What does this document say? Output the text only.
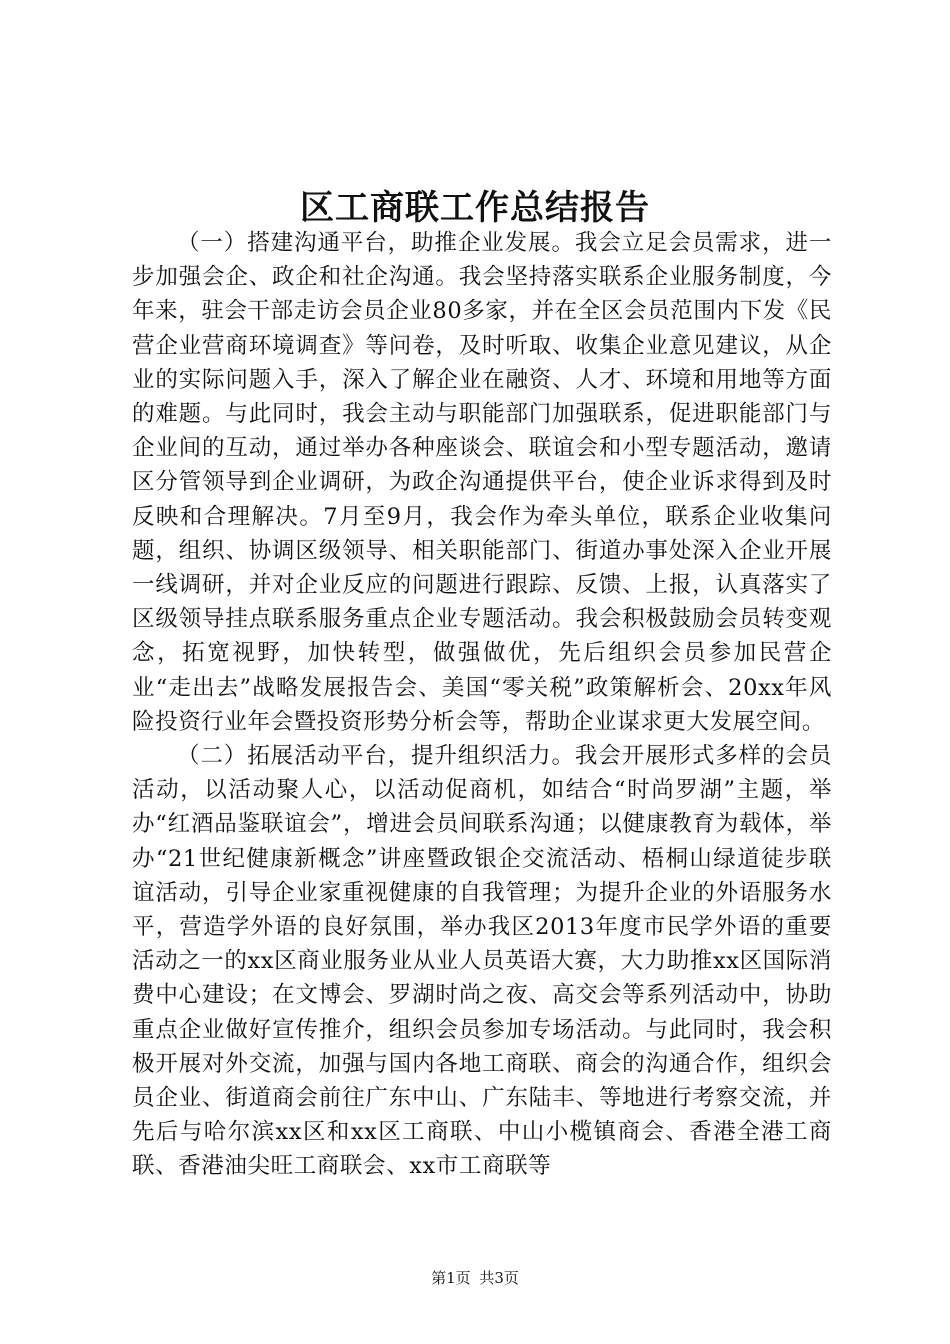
区工商联工作总结报告

（一）搭建沟通平台，助推企业发展。我会立足会员需求，进一步加强会企、政企和社企沟通。我会坚持落实联系企业服务制度，今年来，驻会干部走访会员企业80多家，并在全区会员范围内下发《民营企业营商环境调查》等问卷，及时听取、收集企业意见建议，从企业的实际问题入手，深入了解企业在融资、人才、环境和用地等方面的难题。与此同时，我会主动与职能部门加强联系，促进职能部门与企业间的互动，通过举办各种座谈会、联谊会和小型专题活动，邀请区分管领导到企业调研，为政企沟通提供平台，使企业诉求得到及时反映和合理解决。7月至9月，我会作为牵头单位，联系企业收集问题，组织、协调区级领导、相关职能部门、街道办事处深入企业开展一线调研，并对企业反应的问题进行跟踪、反馈、上报，认真落实了区级领导挂点联系服务重点企业专题活动。我会积极鼓励会员转变观念，拓宽视野，加快转型，做强做优，先后组织会员参加民营企业“走出去”战略发展报告会、美国“零关税”政策解析会、20xx年风险投资行业年会暨投资形势分析会等，帮助企业谋求更大发展空间。

（二）拓展活动平台，提升组织活力。我会开展形式多样的会员活动，以活动聚人心，以活动促商机，如结合“时尚罗湖”主题，举办“红酒品鉴联谊会”，增进会员间联系沟通；以健康教育为载体，举办“21世纪健康新概念”讲座暨政银企交流活动、梧桐山绿道徒步联谊活动，引导企业家重视健康的自我管理；为提升企业的外语服务水平，营造学外语的良好氛围，举办我区2013年度市民学外语的重要活动之一的xx区商业服务业从业人员英语大赛，大力助推xx区国际消费中心建设；在文博会、罗湖时尚之夜、高交会等系列活动中，协助重点企业做好宣传推介，组织会员参加专场活动。与此同时，我会积极开展对外交流，加强与国内各地工商联、商会的沟通合作，组织会员企业、街道商会前往广东中山、广东陆丰、等地进行考察交流，并先后与哈尔滨xx区和xx区工商联、中山小榄镇商会、香港全港工商联、香港油尖旺工商联会、xx市工商联等

第1页 共3页
